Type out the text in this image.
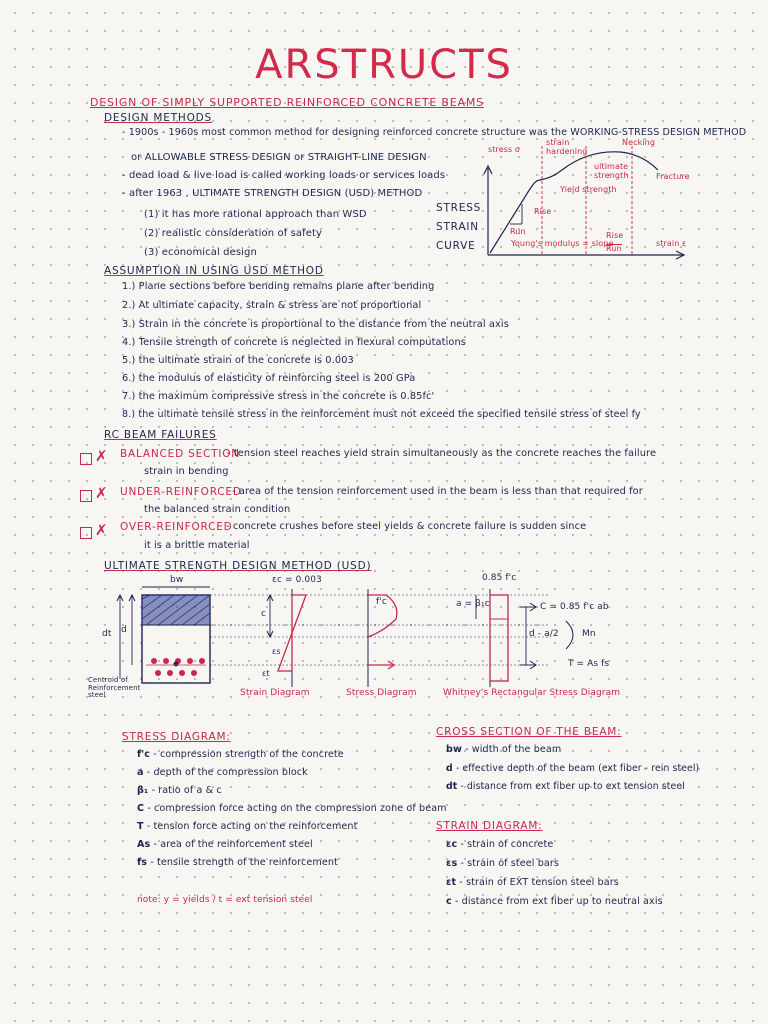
ARSTRUCTS
DESIGN OF SIMPLY SUPPORTED REINFORCED CONCRETE BEAMS
DESIGN METHODS
- 1900s - 1960s most common method for designing reinforced concrete structure was the WORKING-STRESS DESIGN METHOD
or ALLOWABLE STRESS DESIGN or STRAIGHT-LINE DESIGN
- dead load & live load is called working loads or services loads
- after 1963 , ULTIMATE STRENGTH DESIGN (USD) METHOD
(1) it has more rational approach than WSD
(2) realistic consideration of safety
(3) economical design
STRESS
STRAIN
CURVE
stress σ
strain hardening
Necking
ultimate strength	Fracture
Yield strength
Rise
Run
Young's modulus = slope
Rise
Run
strain ε
ASSUMPTION IN USING USD METHOD
1.) Plane sections before bending remains plane after bending
2.) At ultimate capacity, strain & stress are not proportional
3.) Strain in the concrete is proportional to the distance from the neutral axis
4.) Tensile strength of concrete is neglected in flexural computations
5.) the ultimate strain of the concrete is 0.003
6.) the modulus of elasticity of reinforcing steel is 200 GPa
7.) the maximum compressive stress in the concrete is 0.85fc'
8.) the ultimate tensile stress in the reinforcement must not exceed the specified tensile stress of steel fy
RC BEAM FAILURES
✗ BALANCED SECTION
- tension steel reaches yield strain simultaneously as the concrete reaches the failure
strain in bending
✗ UNDER-REINFORCED
- area of the tension reinforcement used in the beam is less than that required for
the balanced strain condition
✗ OVER-REINFORCED
- concrete crushes before steel yields & concrete failure is sudden since
it is a brittle material
ULTIMATE STRENGTH DESIGN METHOD (USD)
bw	εc = 0.003	0.85 f'c
f'c	a = β₁c	C = 0.85 f'c ab
c
dt d	d - a/2	Mn
T = As fs
εs
εt
Centroid of Reinforcement steel	Strain Diagram	Stress Diagram	Whitney's Rectangular Stress Diagram
STRESS DIAGRAM:
f'c - compression strength of the concrete
a - depth of the compression block
β₁ - ratio of a & c
C - compression force acting on the compression zone of beam
T - tension force acting on the reinforcement
As - area of the reinforcement steel
fs - tensile strength of the reinforcement
note: y = yields / t = ext tension steel
CROSS SECTION OF THE BEAM:
bw - width of the beam
d - effective depth of the beam (ext fiber - rein steel)
dt - distance from ext fiber up to ext tension steel
STRAIN DIAGRAM:
εc - strain of concrete
εs - strain of steel bars
εt - strain of EXT tension steel bars
c - distance from ext fiber up to neutral axis
